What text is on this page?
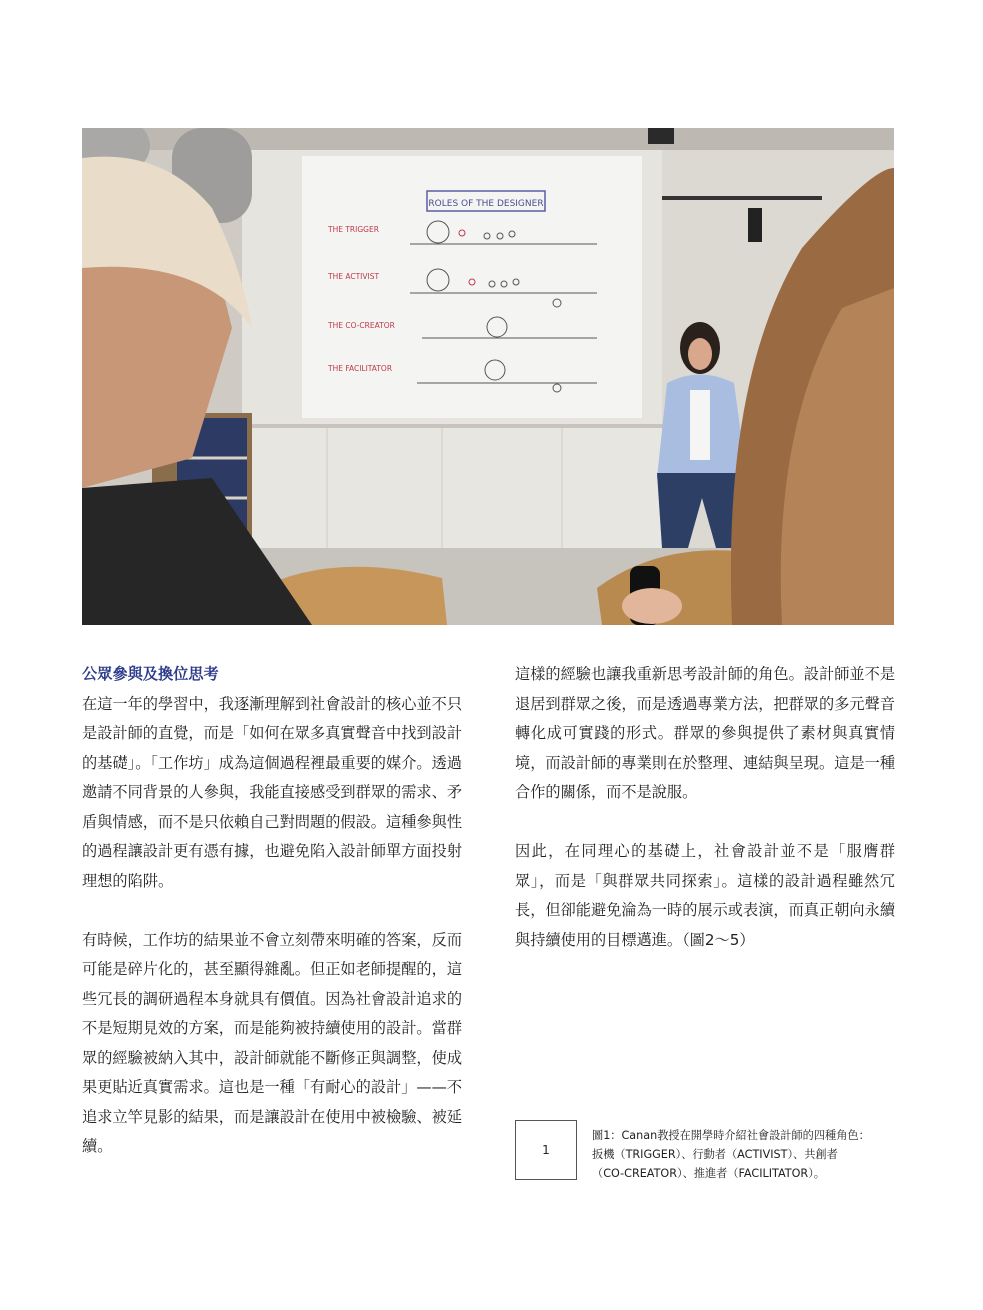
ROLES OF THE DESIGNER
THE TRIGGER
THE ACTIVIST
THE CO-CREATOR
THE FACILITATOR

公眾參與及換位思考

在這一年的學習中，我逐漸理解到社會設計的核心並不只是設計師的直覺，而是「如何在眾多真實聲音中找到設計的基礎」。「工作坊」成為這個過程裡最重要的媒介。透過邀請不同背景的人參與，我能直接感受到群眾的需求、矛盾與情感，而不是只依賴自己對問題的假設。這種參與性的過程讓設計更有憑有據，也避免陷入設計師單方面投射理想的陷阱。

有時候，工作坊的結果並不會立刻帶來明確的答案，反而可能是碎片化的，甚至顯得雜亂。但正如老師提醒的，這些冗長的調研過程本身就具有價值。因為社會設計追求的不是短期見效的方案，而是能夠被持續使用的設計。當群眾的經驗被納入其中，設計師就能不斷修正與調整，使成果更貼近真實需求。這也是一種「有耐心的設計」——不追求立竿見影的結果，而是讓設計在使用中被檢驗、被延續。

這樣的經驗也讓我重新思考設計師的角色。設計師並不是退居到群眾之後，而是透過專業方法，把群眾的多元聲音轉化成可實踐的形式。群眾的參與提供了素材與真實情境，而設計師的專業則在於整理、連結與呈現。這是一種合作的關係，而不是說服。

因此，在同理心的基礎上，社會設計並不是「服膺群眾」，而是「與群眾共同探索」。這樣的設計過程雖然冗長，但卻能避免淪為一時的展示或表演，而真正朝向永續與持續使用的目標邁進。（圖2～5）

1
圖1：Canan教授在開學時介紹社會設計師的四種角色：
扳機（TRIGGER）、行動者（ACTIVIST）、共創者
（CO-CREATOR）、推進者（FACILITATOR）。
